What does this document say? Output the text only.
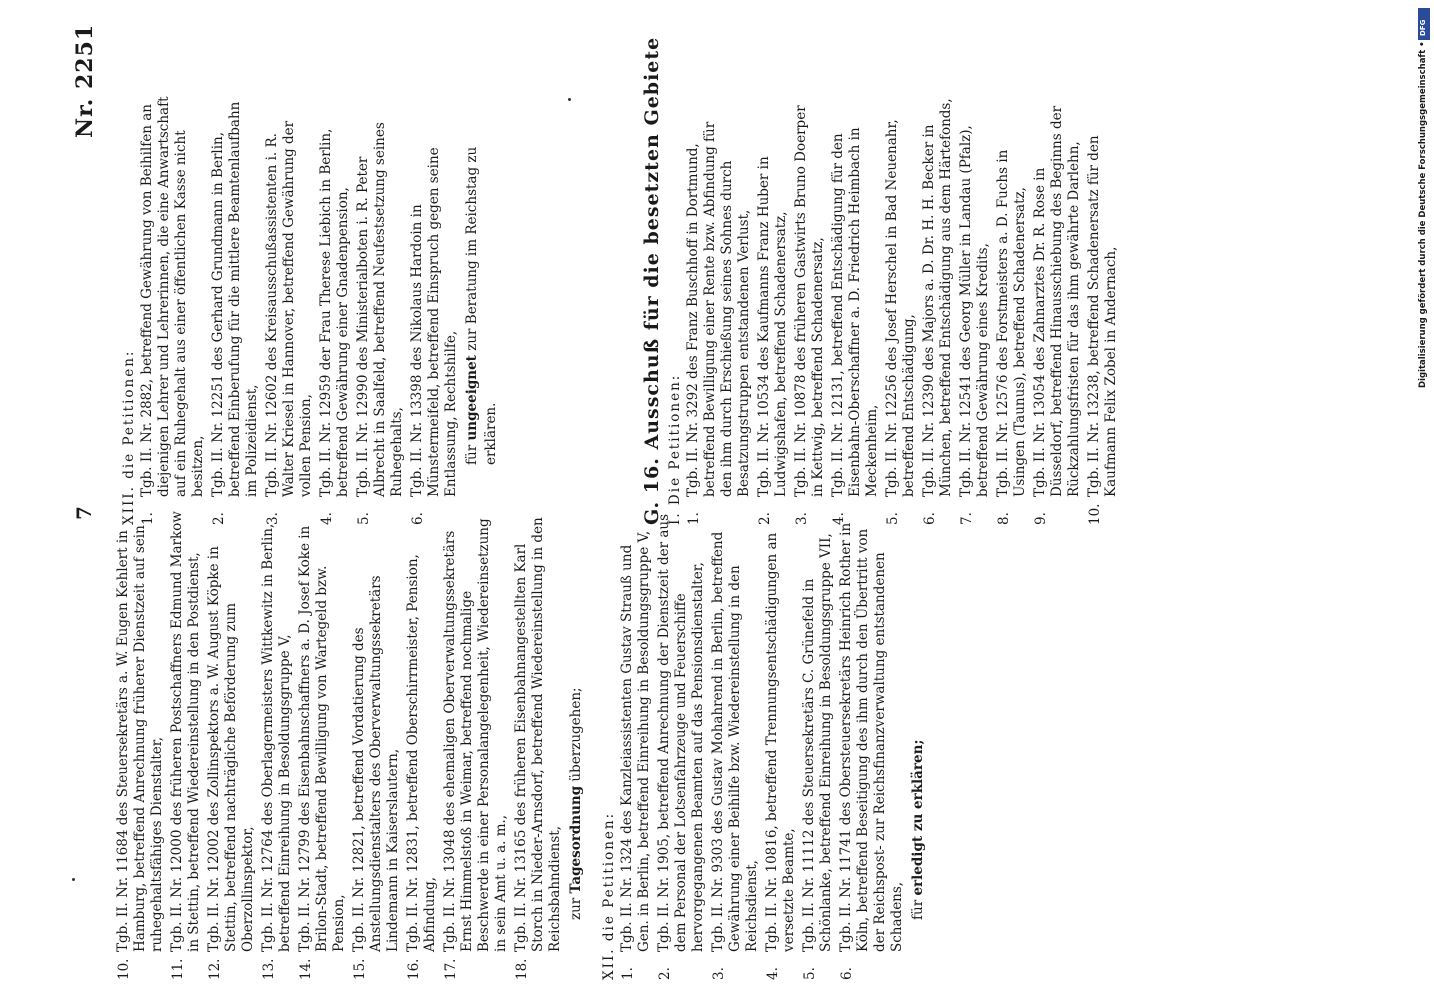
7
Nr. 2251	DFG
Digitalisierung gefördert durch die Deutsche Forschungsgemeinschaft •
10.
Tgb. II. Nr. 11684 des Steuersekretärs a. W. Eugen Kehlert in Hamburg, betreffend Anrechnung früherer Dienstzeit auf sein ruhegehaltsfähiges Dienstalter,
11.
Tgb. II. Nr. 12000 des früheren Postschaffners Edmund Markow in Stettin, betreffend Wiedereinstellung in den Postdienst,
12.
Tgb. II. Nr. 12002 des Zollinspektors a. W. August Köpke in Stettin, betreffend nachträgliche Beförderung zum Oberzollinspektor,
13.
Tgb. II. Nr. 12764 des Oberlagermeisters Wittkewitz in Berlin, betreffend Einreihung in Besoldungsgruppe V,
14.
Tgb. II. Nr. 12799 des Eisenbahnschaffners a. D. Josef Koke in Brilon-Stadt, betreffend Bewilligung von Wartegeld bzw. Pension,
15.
Tgb. II. Nr. 12821, betreffend Vordatierung des Anstellungsdienstalters des Oberverwaltungssekretärs Lindemann in Kaiserslautern,
16.
Tgb. II. Nr. 12831, betreffend Oberschirrmeister, Pension, Abfindung,
17.
Tgb. II. Nr. 13048 des ehemaligen Oberverwaltungssekretärs Ernst Himmelstoß in Weimar, betreffend nochmalige Beschwerde in einer Personalangelegenheit, Wiedereinsetzung in sein Amt u. a. m.,
18.
Tgb. II. Nr. 13165 des früheren Eisenbahnangestellten Karl Storch in Nieder-Arnsdorf, betreffend Wiedereinstellung in den Reichsbahndienst, zur Tagesordnung überzugehen;
XII. die Petitionen:
1.
Tgb. II. Nr. 1324 des Kanzleiassistenten Gustav Strauß und Gen. in Berlin, betreffend Einreihung in Besoldungsgruppe V,
2.
Tgb. II. Nr. 1905, betreffend Anrechnung der Dienstzeit der aus dem Personal der Lotsenfahrzeuge und Feuerschiffe hervorgegangenen Beamten auf das Pensionsdienstalter,
3.
Tgb. II. Nr. 9303 des Gustav Mohahrend in Berlin, betreffend Gewährung einer Beihilfe bzw. Wiedereinstellung in den Reichsdienst,
4.
Tgb. II. Nr. 10816, betreffend Trennungsentschädigungen an versetzte Beamte,
5.
Tgb. II. Nr. 11112 des Steuersekretärs C. Grünefeld in Schönlanke, betreffend Einreihung in Besoldungsgruppe VII,
6.
Tgb. II. Nr. 11741 des Obersteuersekretärs Heinrich Rother in Köln, betreffend Beseitigung des ihm durch den Übertritt von der Reichspost- zur Reichsfinanzverwaltung entstandenen Schadens, für erledigt zu erklären;
XIII. die Petitionen:
1.
Tgb. II. Nr. 2882, betreffend Gewährung von Beihilfen an diejenigen Lehrer und Lehrerinnen, die eine Anwartschaft auf ein Ruhegehalt aus einer öffentlichen Kasse nicht besitzen,
2.
Tgb. II. Nr. 12251 des Gerhard Grundmann in Berlin, betreffend Einberufung für die mittlere Beamtenlaufbahn im Polizeidienst,
3.
Tgb. II. Nr. 12602 des Kreisausschußassistenten i. R. Walter Kriesel in Hannover, betreffend Gewährung der vollen Pension,
4.
Tgb. II. Nr. 12959 der Frau Therese Liebich in Berlin, betreffend Gewährung einer Gnadenpension,
5.
Tgb. II. Nr. 12990 des Ministerialboten i. R. Peter Albrecht in Saalfeld, betreffend Neufestsetzung seines Ruhegehalts,
6.
Tgb. II. Nr. 13398 des Nikolaus Hardoin in Münstermeifeld, betreffend Einspruch gegen seine Entlassung, Rechtshilfe, für ungeeignet zur Beratung im Reichstag zu erklären.	G. 16. Ausschuß für die besetzten Gebiete I. Die Petitionen:
1.
Tgb. II. Nr. 3292 des Franz Buschhoff in Dortmund, betreffend Bewilligung einer Rente bzw. Abfindung für den ihm durch Erschießung seines Sohnes durch Besatzungstruppen entstandenen Verlust,
2.
Tgb. II. Nr. 10534 des Kaufmanns Franz Huber in Ludwigshafen, betreffend Schadenersatz,
3.
Tgb. II. Nr. 10878 des früheren Gastwirts Bruno Doerper in Kettwig, betreffend Schadenersatz,
4.
Tgb. II. Nr. 12131, betreffend Entschädigung für den Eisenbahn-Oberschaffner a. D. Friedrich Heimbach in Meckenheim,
5.
Tgb. II. Nr. 12256 des Josef Herschel in Bad Neuenahr, betreffend Entschädigung,
6.
Tgb. II. Nr. 12390 des Majors a. D. Dr. H. H. Becker in München, betreffend Entschädigung aus dem Härtefonds,
7.
Tgb. II. Nr. 12541 des Georg Müller in Landau (Pfalz), betreffend Gewährung eines Kredits,
8.
Tgb. II. Nr. 12576 des Forstmeisters a. D. Fuchs in Usingen (Taunus), betreffend Schadenersatz,
9.
Tgb. II. Nr. 13054 des Zahnarztes Dr. R. Rose in Düsseldorf, betreffend Hinausschiebung des Beginns der Rückzahlungsfristen für das ihm gewährte Darlehn,
10.
Tgb. II. Nr. 13238, betreffend Schadenersatz für den Kaufmann Felix Zobel in Andernach,
